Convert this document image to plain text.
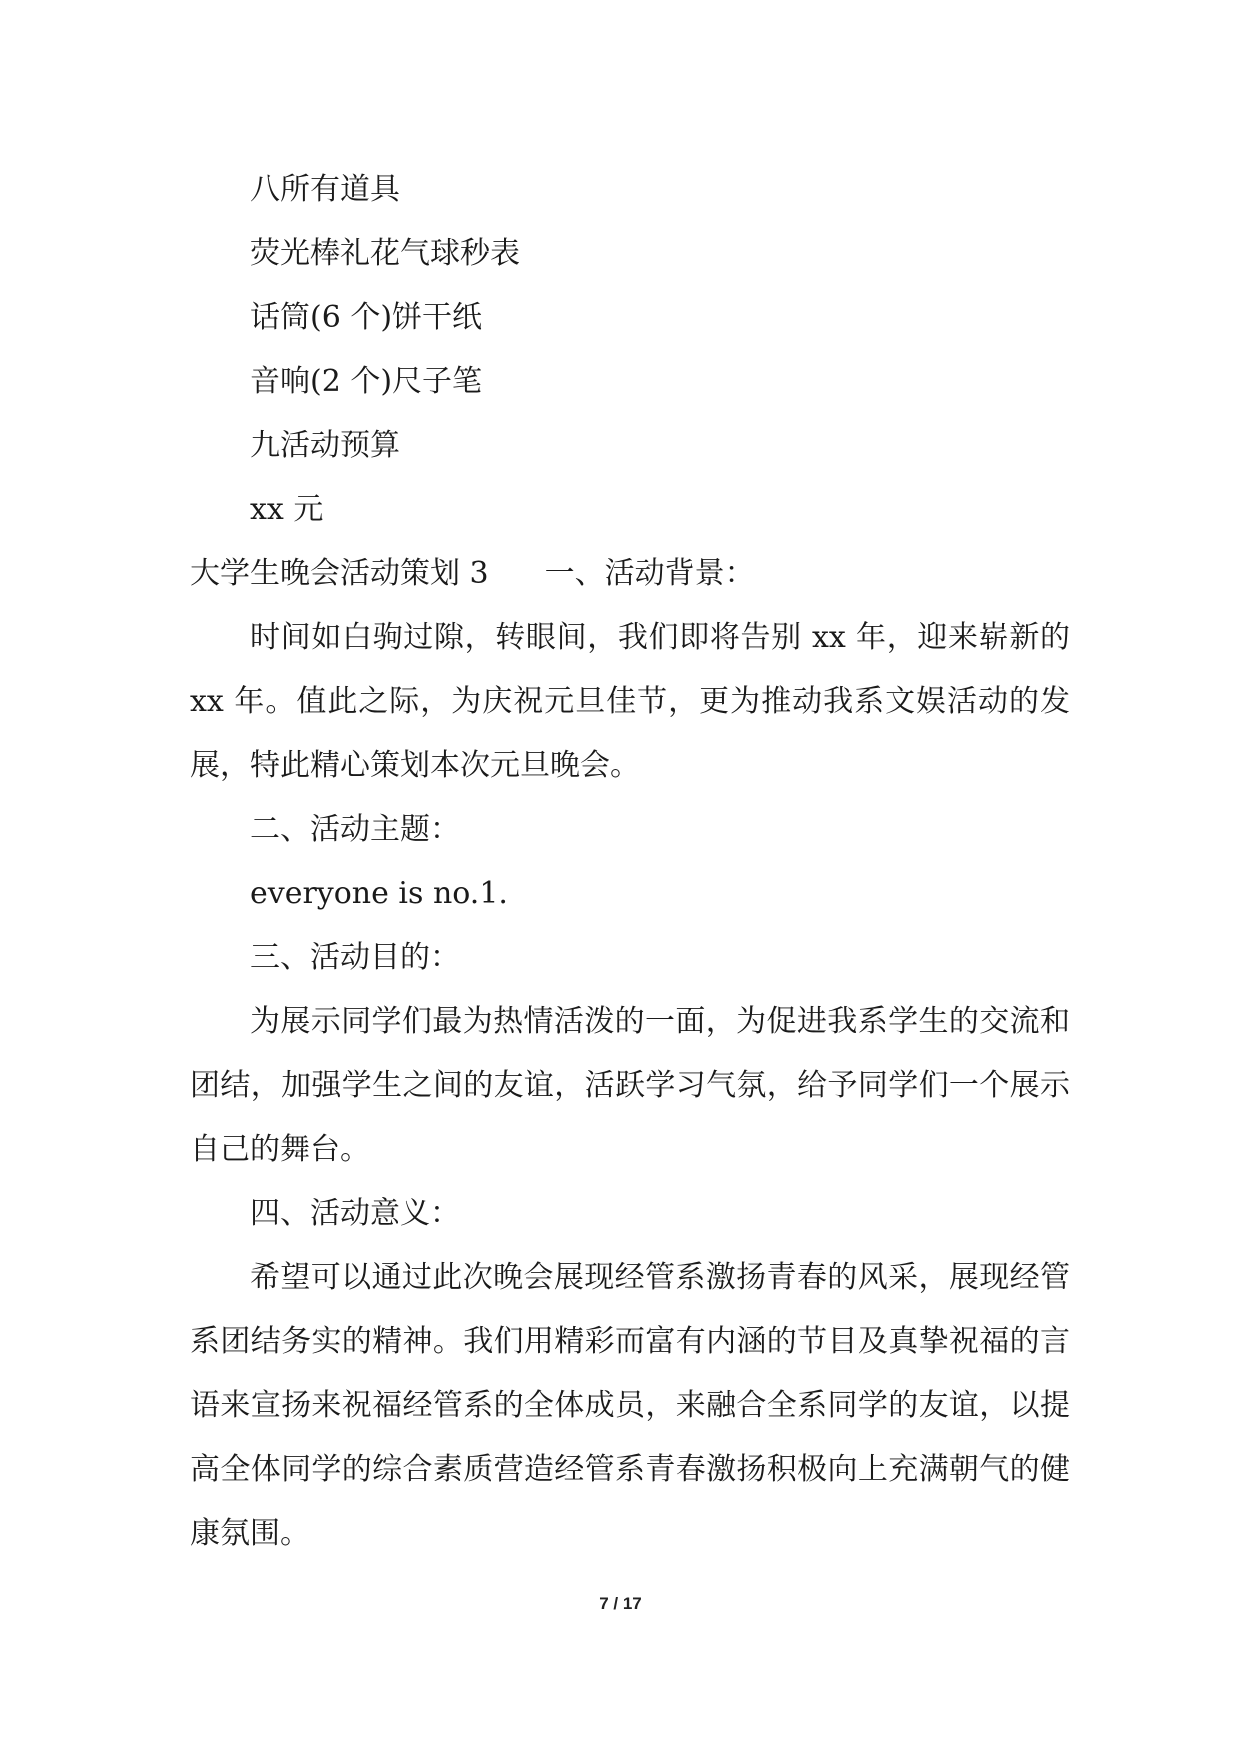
八所有道具

荧光棒礼花气球秒表

话筒(6 个)饼干纸

音响(2 个)尺子笔

九活动预算

xx 元

大学生晚会活动策划 3 一、活动背景：

时间如白驹过隙，转眼间，我们即将告别 xx 年，迎来崭新的 xx 年。值此之际，为庆祝元旦佳节，更为推动我系文娱活动的发展，特此精心策划本次元旦晚会。

二、活动主题：

everyone is no.1.

三、活动目的：

为展示同学们最为热情活泼的一面，为促进我系学生的交流和团结，加强学生之间的友谊，活跃学习气氛，给予同学们一个展示自己的舞台。

四、活动意义：

希望可以通过此次晚会展现经管系激扬青春的风采，展现经管系团结务实的精神。我们用精彩而富有内涵的节目及真挚祝福的言语来宣扬来祝福经管系的全体成员，来融合全系同学的友谊，以提高全体同学的综合素质营造经管系青春激扬积极向上充满朝气的健康氛围。

7 / 17
